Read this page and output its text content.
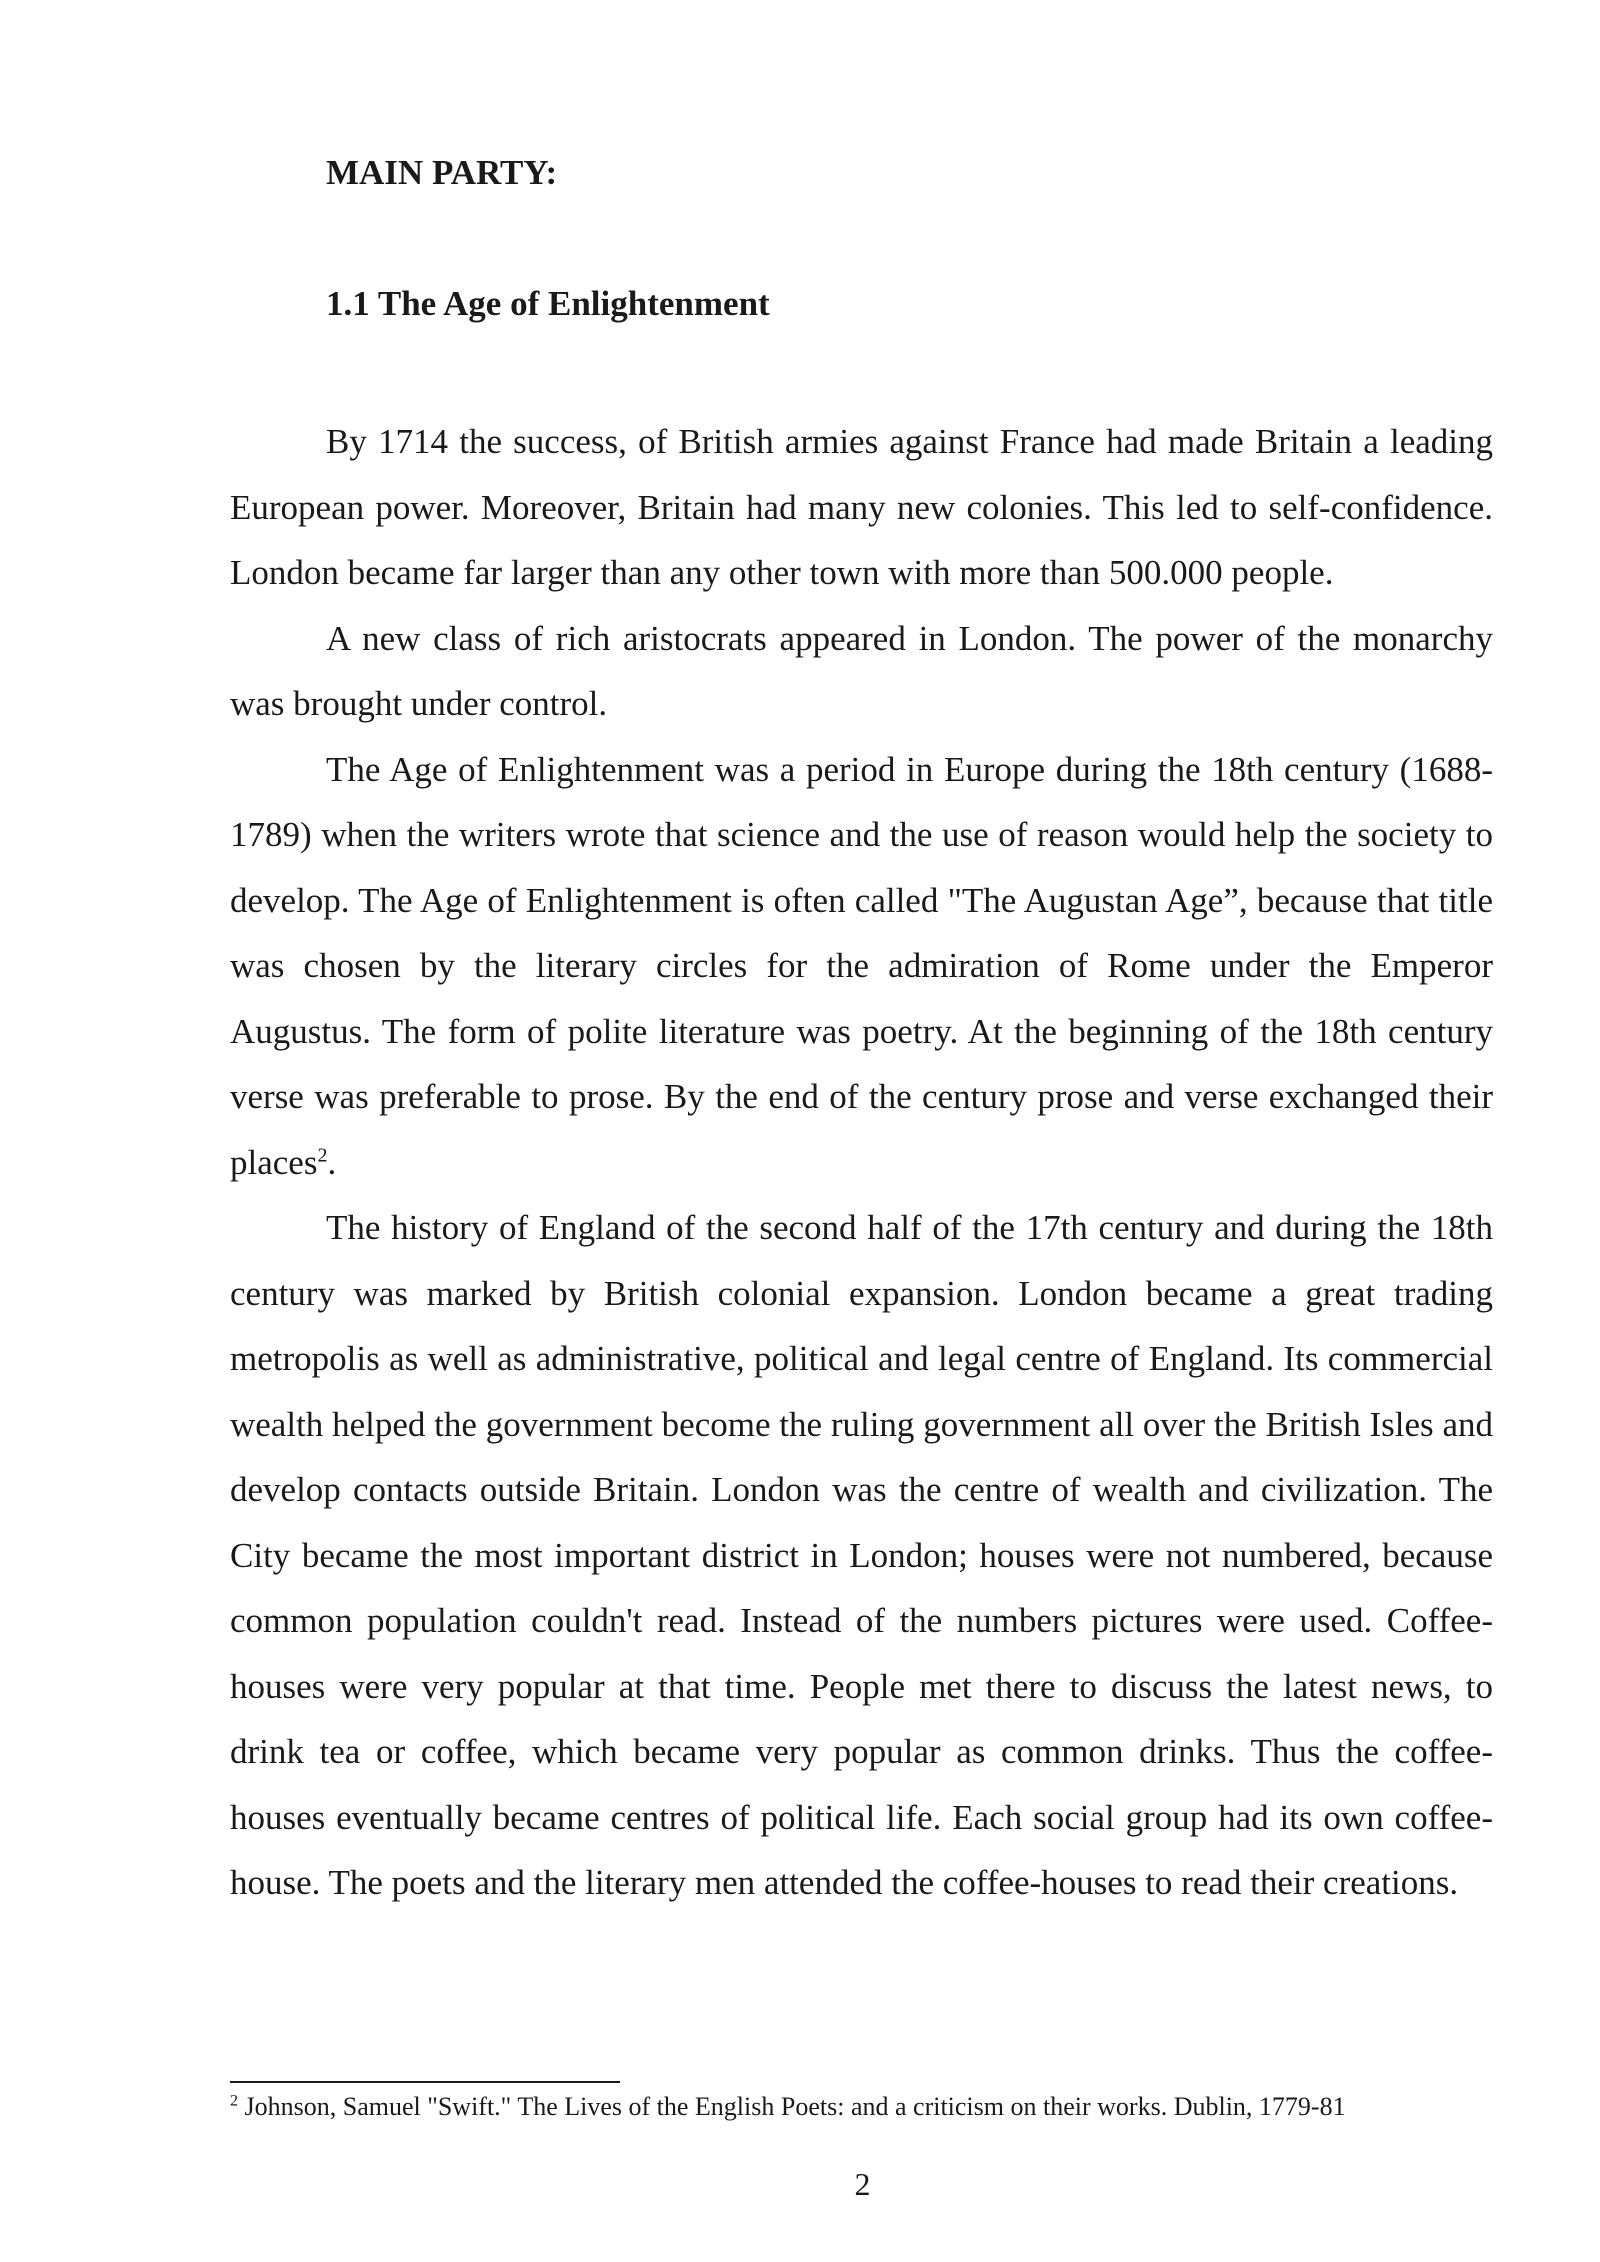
MAIN PARTY:
1.1 The Age of Enlightenment

By 1714 the success, of British armies against France had made Britain a leading European power. Moreover, Britain had many new colonies. This led to self-confidence. London became far larger than any other town with more than 500.000 people.

A new class of rich aristocrats appeared in London. The power of the monarchy was brought under control.

The Age of Enlightenment was a period in Europe during the 18th century (1688-1789) when the writers wrote that science and the use of reason would help the society to develop. The Age of Enlightenment is often called "The Augustan Age”, because that title was chosen by the literary circles for the admiration of Rome under the Emperor Augustus. The form of polite literature was poetry. At the beginning of the 18th century verse was preferable to prose. By the end of the century prose and verse exchanged their places$^2$.

The history of England of the second half of the 17th century and during the 18th century was marked by British colonial expansion. London became a great trading metropolis as well as administrative, political and legal centre of England. Its commercial wealth helped the government become the ruling government all over the British Isles and develop contacts outside Britain. London was the centre of wealth and civilization. The City became the most important district in London; houses were not numbered, because common population couldn't read. Instead of the numbers pictures were used. Coffee-houses were very popular at that time. People met there to discuss the latest news, to drink tea or coffee, which became very popular as common drinks. Thus the coffee-houses eventually became centres of political life. Each social group had its own coffee-house. The poets and the literary men attended the coffee-houses to read their creations.

$^2$ Johnson, Samuel "Swift." The Lives of the English Poets: and a criticism on their works. Dublin, 1779-81
2
